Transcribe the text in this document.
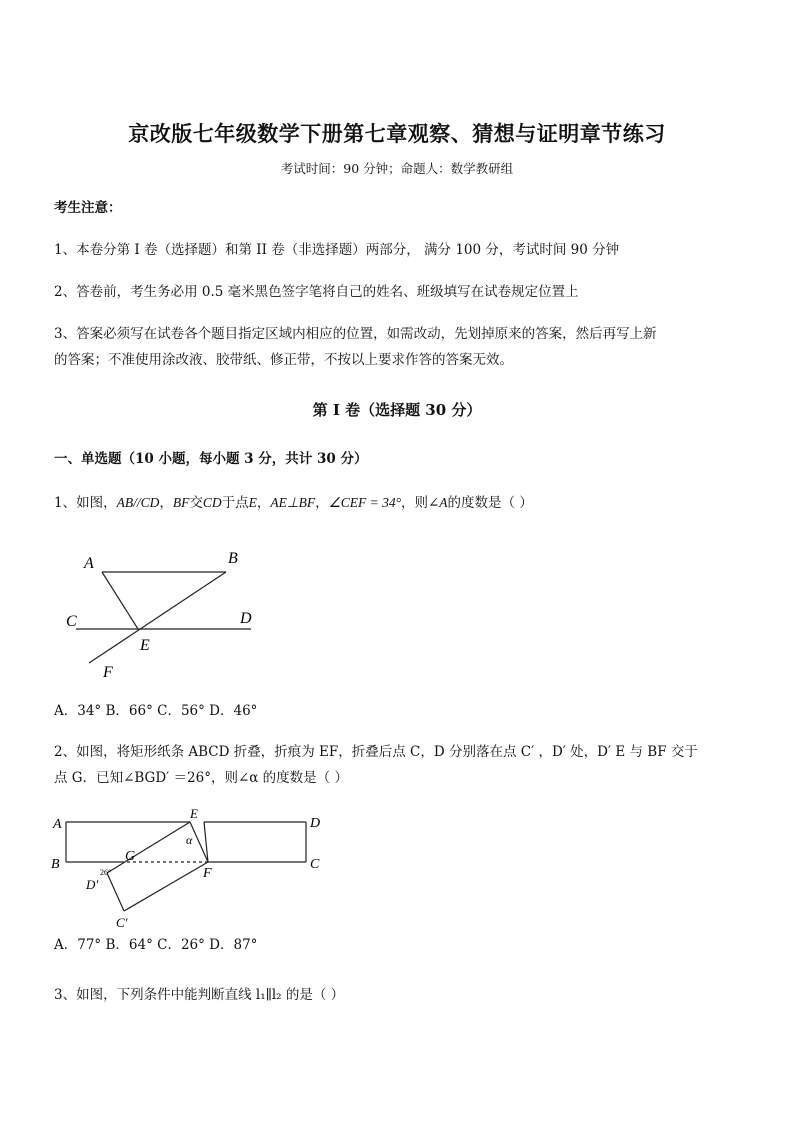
京改版七年级数学下册第七章观察、猜想与证明章节练习
考试时间：90 分钟；命题人：数学教研组
考生注意：
1、本卷分第 I 卷（选择题）和第 II 卷（非选择题）两部分， 满分 100 分，考试时间 90 分钟
2、答卷前，考生务必用 0.5 毫米黑色签字笔将自己的姓名、班级填写在试卷规定位置上
3、答案必须写在试卷各个题目指定区域内相应的位置，如需改动，先划掉原来的答案，然后再写上新
的答案；不准使用涂改液、胶带纸、修正带，不按以上要求作答的答案无效。
第 I 卷（选择题 30 分）
一、单选题（10 小题，每小题 3 分，共计 30 分）
1、如图，AB//CD，BF交CD于点E，AE⊥BF，∠CEF = 34°，则∠A的度数是（ ）
A	B
C	D
E
F
A．34° B．66° C．56° D．46°
2、如图，将矩形纸条 ABCD 折叠，折痕为 EF，折叠后点 C，D 分别落在点 C′ ，D′ 处，D′ E 与 BF 交于
点 G．已知∠BGD′ ＝26°，则∠α 的度数是（ ）
A
B
D
C
E
G
F
D′
C′
α
26°
A．77° B．64° C．26° D．87°
3、如图，下列条件中能判断直线 l₁∥l₂ 的是（ ）
